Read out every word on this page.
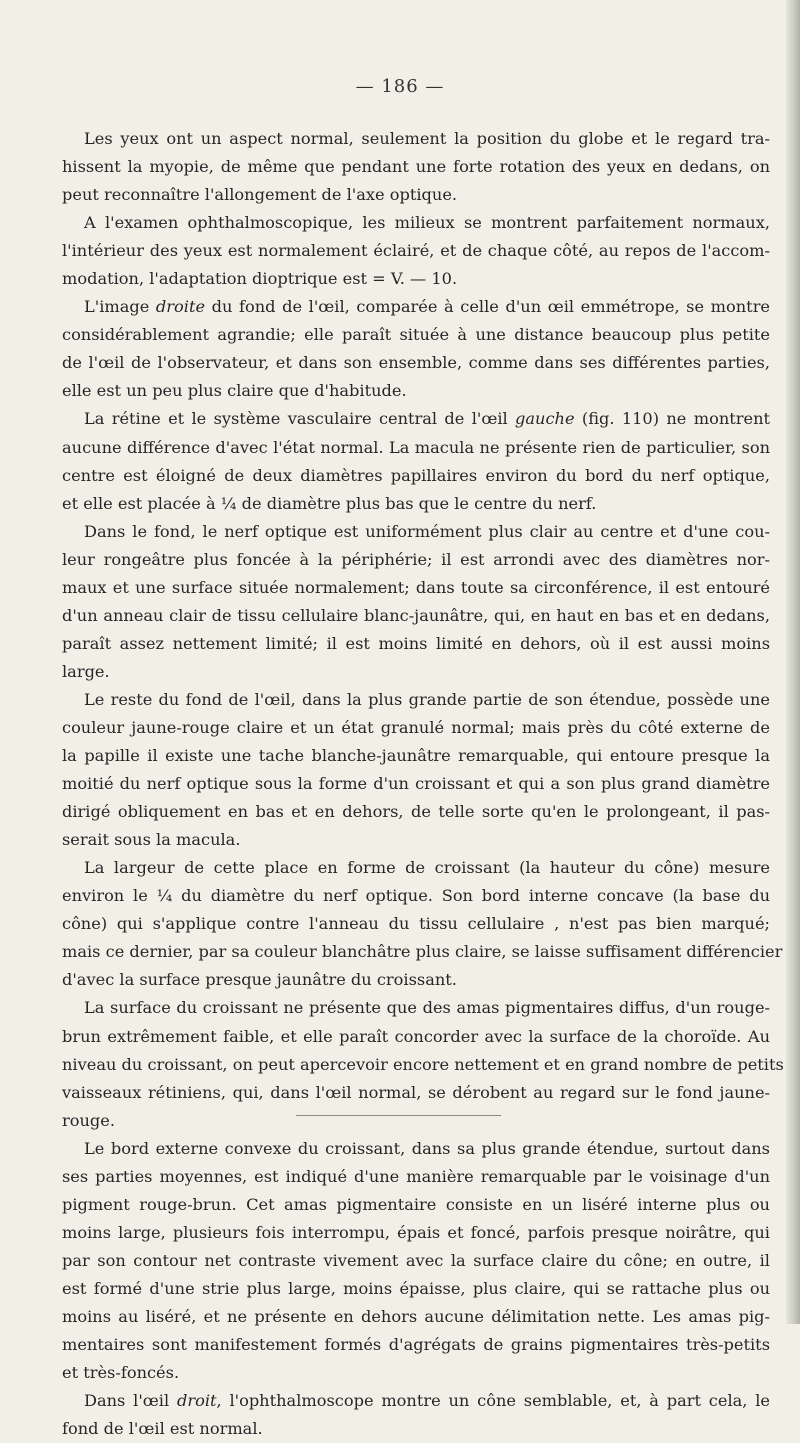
— 186 —
Les yeux ont un aspect normal, seulement la position du globe et le regard tra-
hissent la myopie, de même que pendant une forte rotation des yeux en dedans, on
peut reconnaître l'allongement de l'axe optique.
A l'examen ophthalmoscopique, les milieux se montrent parfaitement normaux,
l'intérieur des yeux est normalement éclairé, et de chaque côté, au repos de l'accom-
modation, l'adaptation dioptrique est = V. — 10.
L'image droite du fond de l'œil, comparée à celle d'un œil emmétrope, se montre
considérablement agrandie; elle paraît située à une distance beaucoup plus petite
de l'œil de l'observateur, et dans son ensemble, comme dans ses différentes parties,
elle est un peu plus claire que d'habitude.
La rétine et le système vasculaire central de l'œil gauche (fig. 110) ne montrent
aucune différence d'avec l'état normal. La macula ne présente rien de particulier, son
centre est éloigné de deux diamètres papillaires environ du bord du nerf optique,
et elle est placée à ¼ de diamètre plus bas que le centre du nerf.
Dans le fond, le nerf optique est uniformément plus clair au centre et d'une cou-
leur rongeâtre plus foncée à la périphérie; il est arrondi avec des diamètres nor-
maux et une surface située normalement; dans toute sa circonférence, il est entouré
d'un anneau clair de tissu cellulaire blanc-jaunâtre, qui, en haut en bas et en dedans,
paraît assez nettement limité; il est moins limité en dehors, où il est aussi moins
large.
Le reste du fond de l'œil, dans la plus grande partie de son étendue, possède une
couleur jaune-rouge claire et un état granulé normal; mais près du côté externe de
la papille il existe une tache blanche-jaunâtre remarquable, qui entoure presque la
moitié du nerf optique sous la forme d'un croissant et qui a son plus grand diamètre
dirigé obliquement en bas et en dehors, de telle sorte qu'en le prolongeant, il pas-
serait sous la macula.
La largeur de cette place en forme de croissant (la hauteur du cône) mesure
environ le ¼ du diamètre du nerf optique. Son bord interne concave (la base du
cône) qui s'applique contre l'anneau du tissu cellulaire , n'est pas bien marqué;
mais ce dernier, par sa couleur blanchâtre plus claire, se laisse suffisament différencier
d'avec la surface presque jaunâtre du croissant.
La surface du croissant ne présente que des amas pigmentaires diffus, d'un rouge-
brun extrêmement faible, et elle paraît concorder avec la surface de la choroïde. Au
niveau du croissant, on peut apercevoir encore nettement et en grand nombre de petits
vaisseaux rétiniens, qui, dans l'œil normal, se dérobent au regard sur le fond jaune-
rouge.
Le bord externe convexe du croissant, dans sa plus grande étendue, surtout dans
ses parties moyennes, est indiqué d'une manière remarquable par le voisinage d'un
pigment rouge-brun. Cet amas pigmentaire consiste en un liséré interne plus ou
moins large, plusieurs fois interrompu, épais et foncé, parfois presque noirâtre, qui
par son contour net contraste vivement avec la surface claire du cône; en outre, il
est formé d'une strie plus large, moins épaisse, plus claire, qui se rattache plus ou
moins au liséré, et ne présente en dehors aucune délimitation nette. Les amas pig-
mentaires sont manifestement formés d'agrégats de grains pigmentaires très-petits
et très-foncés.
Dans l'œil droit, l'ophthalmoscope montre un cône semblable, et, à part cela, le
fond de l'œil est normal.
